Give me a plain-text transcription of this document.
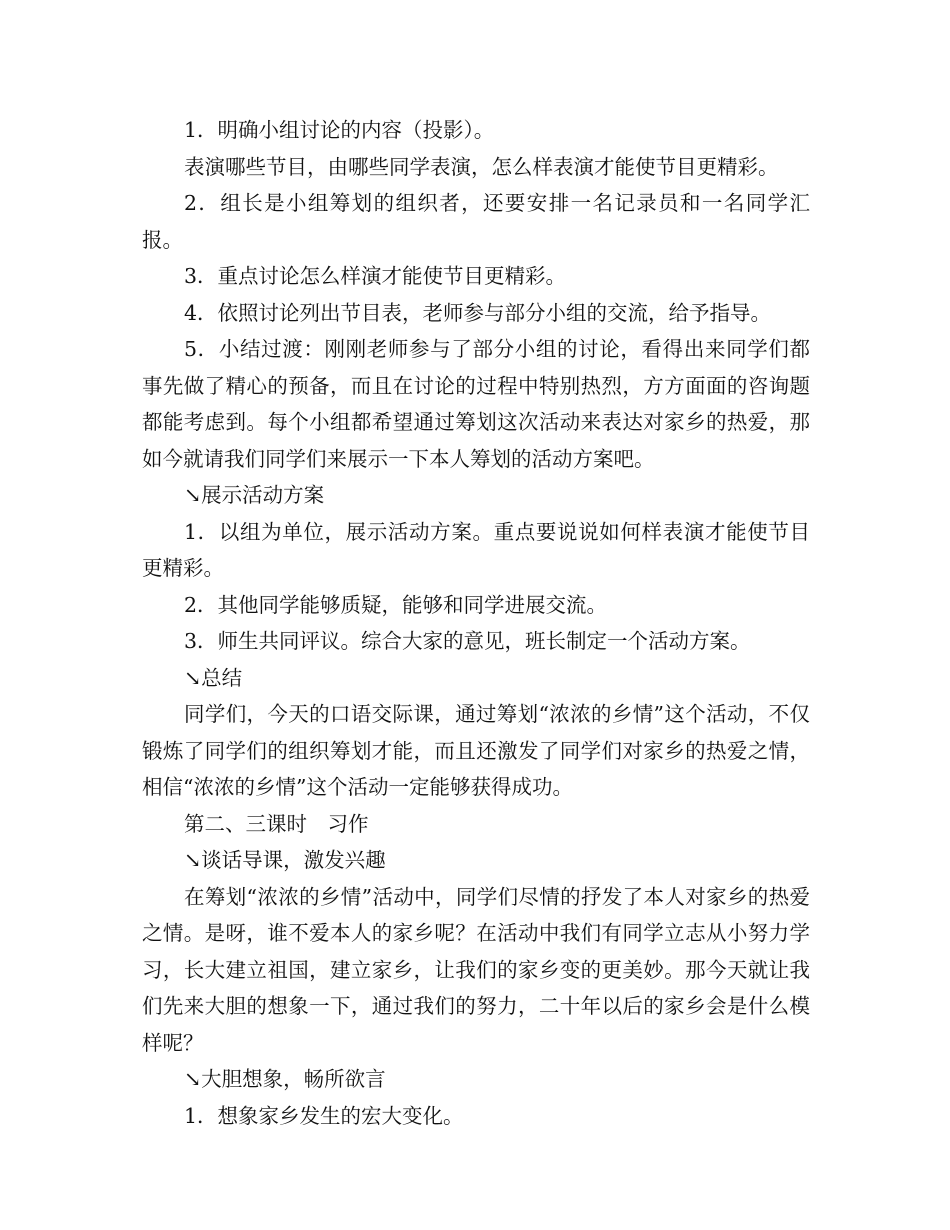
1．明确小组讨论的内容（投影）。

表演哪些节目，由哪些同学表演，怎么样表演才能使节目更精彩。

2．组长是小组筹划的组织者，还要安排一名记录员和一名同学汇报。

3．重点讨论怎么样演才能使节目更精彩。

4．依照讨论列出节目表，老师参与部分小组的交流，给予指导。

5．小结过渡：刚刚老师参与了部分小组的讨论，看得出来同学们都事先做了精心的预备，而且在讨论的过程中特别热烈，方方面面的咨询题都能考虑到。每个小组都希望通过筹划这次活动来表达对家乡的热爱，那如今就请我们同学们来展示一下本人筹划的活动方案吧。

↘展示活动方案

1．以组为单位，展示活动方案。重点要说说如何样表演才能使节目更精彩。

2．其他同学能够质疑，能够和同学进展交流。

3．师生共同评议。综合大家的意见，班长制定一个活动方案。

↘总结

同学们，今天的口语交际课，通过筹划“浓浓的乡情”这个活动，不仅锻炼了同学们的组织筹划才能，而且还激发了同学们对家乡的热爱之情，相信“浓浓的乡情”这个活动一定能够获得成功。

第二、三课时　习作

↘谈话导课，激发兴趣

在筹划“浓浓的乡情”活动中，同学们尽情的抒发了本人对家乡的热爱之情。是呀，谁不爱本人的家乡呢？在活动中我们有同学立志从小努力学习，长大建立祖国，建立家乡，让我们的家乡变的更美妙。那今天就让我们先来大胆的想象一下，通过我们的努力，二十年以后的家乡会是什么模样呢？

↘大胆想象，畅所欲言

1．想象家乡发生的宏大变化。
